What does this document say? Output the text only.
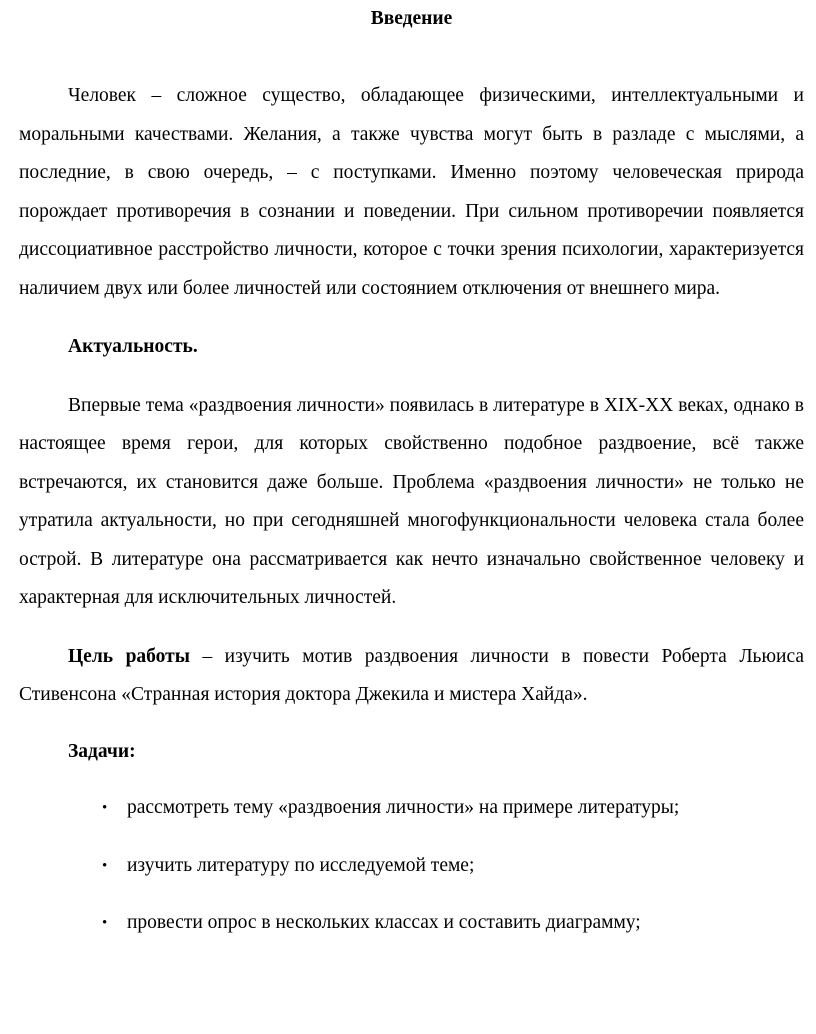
Введение

Человек – сложное существо, обладающее физическими, интеллектуальными и моральными качествами. Желания, а также чувства могут быть в разладе с мыслями, а последние, в свою очередь, – с поступками. Именно поэтому человеческая природа порождает противоречия в сознании и поведении. При сильном противоречии появляется диссоциативное расстройство личности, которое с точки зрения психологии, характеризуется наличием двух или более личностей или состоянием отключения от внешнего мира.

Актуальность.

Впервые тема «раздвоения личности» появилась в литературе в XIX-XX веках, однако в настоящее время герои, для которых свойственно подобное раздвоение, всё также встречаются, их становится даже больше. Проблема «раздвоения личности» не только не утратила актуальности, но при сегодняшней многофункциональности человека стала более острой. В литературе она рассматривается как нечто изначально свойственное человеку и характерная для исключительных личностей.

Цель работы – изучить мотив раздвоения личности в повести Роберта Льюиса Стивенсона «Странная история доктора Джекила и мистера Хайда».

Задачи:

• рассмотреть тему «раздвоения личности» на примере литературы;
• изучить литературу по исследуемой теме;
• провести опрос в нескольких классах и составить диаграмму;
